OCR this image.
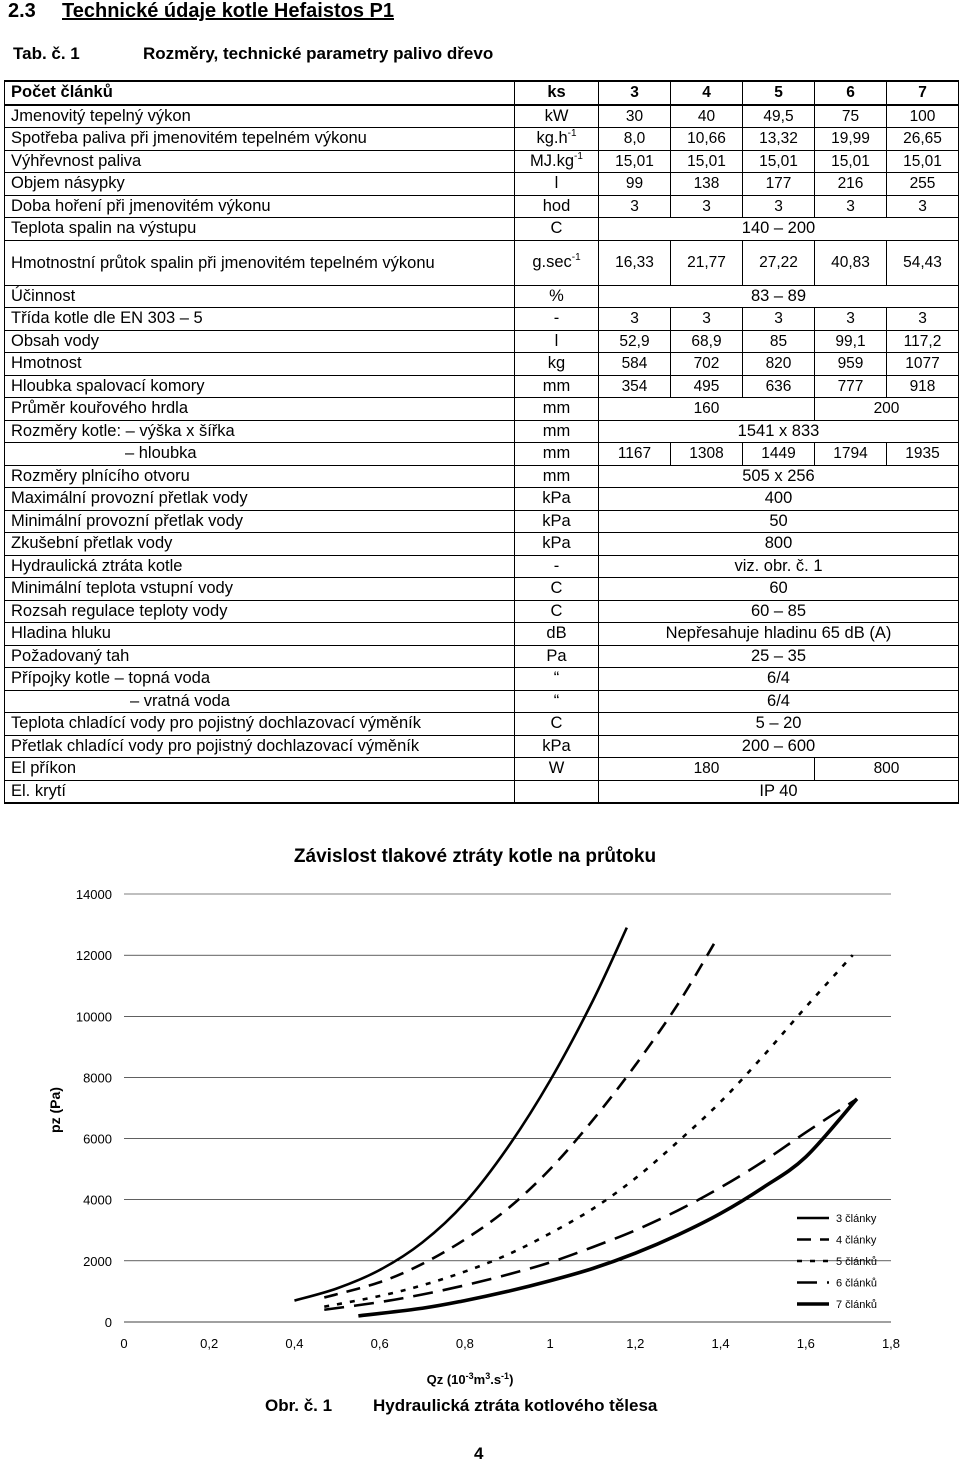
2.3 Technické údaje kotle Hefaistos P1
Tab. č. 1	Rozměry, technické parametry palivo dřevo
Počet článků	ks	3	4	5	6	7
Jmenovitý tepelný výkon	kW	30	40	49,5	75	100
Spotřeba paliva při jmenovitém tepelném výkonu	$kg.h^{-1}$	8,0	10,66	13,32	19,99	26,65
Výhřevnost paliva	$MJ.kg^{-1}$	15,01	15,01	15,01	15,01	15,01
Objem násypky	l	99	138	177	216	255
Doba hoření při jmenovitém výkonu	hod	3	3	3	3	3
Teplota spalin na výstupu	C	140 – 200				
Hmotnostní průtok spalin při jmenovitém tepelném výkonu	$g.\sec^{-1}$	16,33	21,77	27,22	40,83	54,43
Účinnost	%	83 – 89				
Třída kotle dle EN 303 – 5	-	3	3	3	3	3
Obsah vody	l	52,9	68,9	85	99,1	117,2
Hmotnost	kg	584	702	820	959	1077
Hloubka spalovací komory	mm	354	495	636	777	918
Průměr kouřového hrdla	mm	160			200	
Rozměry kotle: – výška x šířka	mm	1541 x 833				
– hloubka	mm	1167	1308	1449	1794	1935
Rozměry plnícího otvoru	mm	505 x 256				
Maximální provozní přetlak vody	kPa	400				
Minimální provozní přetlak vody	kPa	50				
Zkušební přetlak vody	kPa	800				
Hydraulická ztráta kotle	-	viz. obr. č. 1				
Minimální teplota vstupní vody	C	60				
Rozsah regulace teploty vody	C	60 – 85				
Hladina hluku	dB	Nepřesahuje hladinu 65 dB (A)				
Požadovaný tah	Pa	25 – 35				
Přípojky kotle – topná voda	“	6/4				
– vratná voda	“	6/4				
Teplota chladící vody pro pojistný dochlazovací výměník	C	5 – 20				
Přetlak chladící vody pro pojistný dochlazovací výměník	kPa	200 – 600				
El příkon	W	180			800	
El. krytí		IP 40				
Závislost tlakové ztráty kotle na průtoku
0
2000
4000
6000
8000
10000
12000
14000
0	0,2	0,4	0,6	0,8	1	1,2	1,4	1,6	1,8
3 články
4 články
5 článků
6 článků
7 článků
pz (Pa)
Qz $(10^{-3}m^3.s^{-1})$
Obr. č. 1 Hydraulická ztráta kotlového tělesa
4
